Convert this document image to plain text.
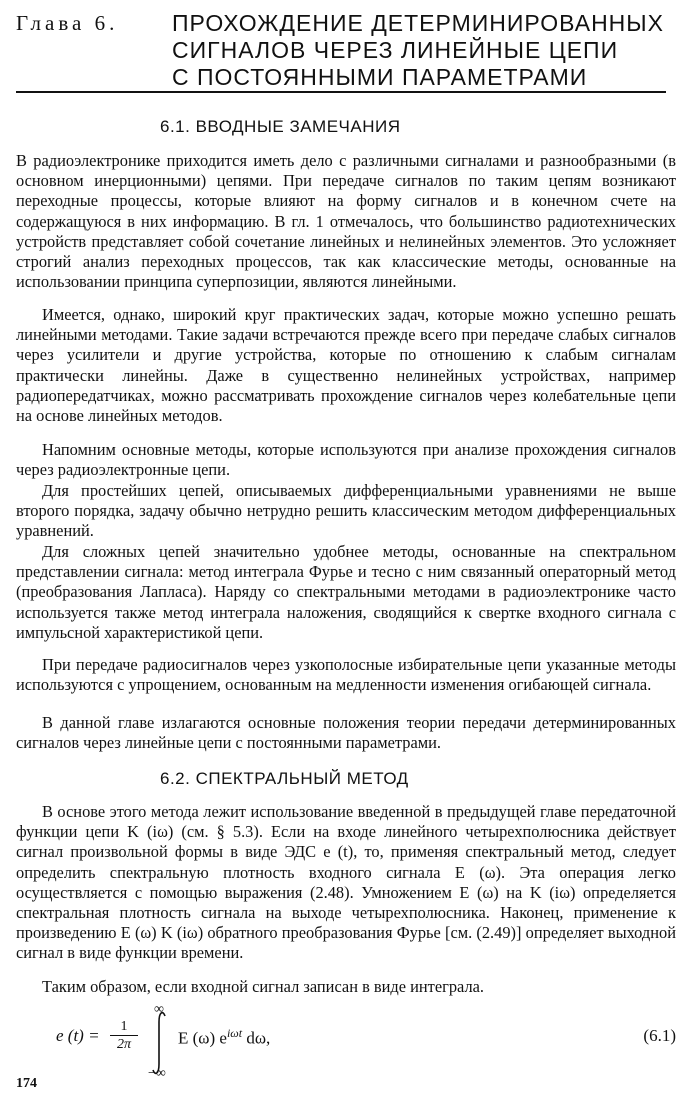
Глава 6. ПРОХОЖДЕНИЕ ДЕТЕРМИНИРОВАННЫХ
СИГНАЛОВ ЧЕРЕЗ ЛИНЕЙНЫЕ ЦЕПИ
С ПОСТОЯННЫМИ ПАРАМЕТРАМИ
6.1. ВВОДНЫЕ ЗАМЕЧАНИЯ

В радиоэлектронике приходится иметь дело с различными сигналами и разнообразными (в основном инерционными) цепями. При передаче сигналов по таким цепям возникают переходные процессы, которые влияют на форму сигналов и в конечном счете на содержащуюся в них информацию. В гл. 1 отмечалось, что большинство радиотехнических устройств представляет собой сочетание линейных и нелинейных элементов. Это усложняет строгий анализ переходных процессов, так как классические методы, основанные на использовании принципа суперпозиции, являются линейными.

Имеется, однако, широкий круг практических задач, которые можно успешно решать линейными методами. Такие задачи встречаются прежде всего при передаче слабых сигналов через усилители и другие устройства, которые по отношению к слабым сигналам практически линейны. Даже в существенно нелинейных устройствах, например радиопередатчиках, можно рассматривать прохождение сигналов через колебательные цепи на основе линейных методов.

Напомним основные методы, которые используются при анализе прохождения сигналов через радиоэлектронные цепи.

Для простейших цепей, описываемых дифференциальными уравнениями не выше второго порядка, задачу обычно нетрудно решить классическим методом дифференциальных уравнений.

Для сложных цепей значительно удобнее методы, основанные на спектральном представлении сигнала: метод интеграла Фурье и тесно с ним связанный операторный метод (преобразования Лапласа). Наряду со спектральными методами в радиоэлектронике часто используется также метод интеграла наложения, сводящийся к свертке входного сигнала с импульсной характеристикой цепи.

При передаче радиосигналов через узкополосные избирательные цепи указанные методы используются с упрощением, основанным на медленности изменения огибающей сигнала.

В данной главе излагаются основные положения теории передачи детерминированных сигналов через линейные цепи с постоянными параметрами.

6.2. СПЕКТРАЛЬНЫЙ МЕТОД

В основе этого метода лежит использование введенной в предыдущей главе передаточной функции цепи K (iω) (см. § 5.3). Если на входе линейного четырехполюсника действует сигнал произвольной формы в виде ЭДС e (t), то, применяя спектральный метод, следует определить спектральную плотность входного сигнала E (ω). Эта операция легко осуществляется с помощью выражения (2.48). Умножением E (ω) на K (iω) определяется спектральная плотность сигнала на выходе четырехполюсника. Наконец, применение к произведению E (ω) K (iω) обратного преобразования Фурье [см. (2.49)] определяет выходной сигнал в виде функции времени.

Таким образом, если входной сигнал записан в виде интеграла.

e $(t) = \frac{1}{2\pi}$
∞
−∞
E (ω) $e^{i\omega t}$ dω,	(6.1)
174
